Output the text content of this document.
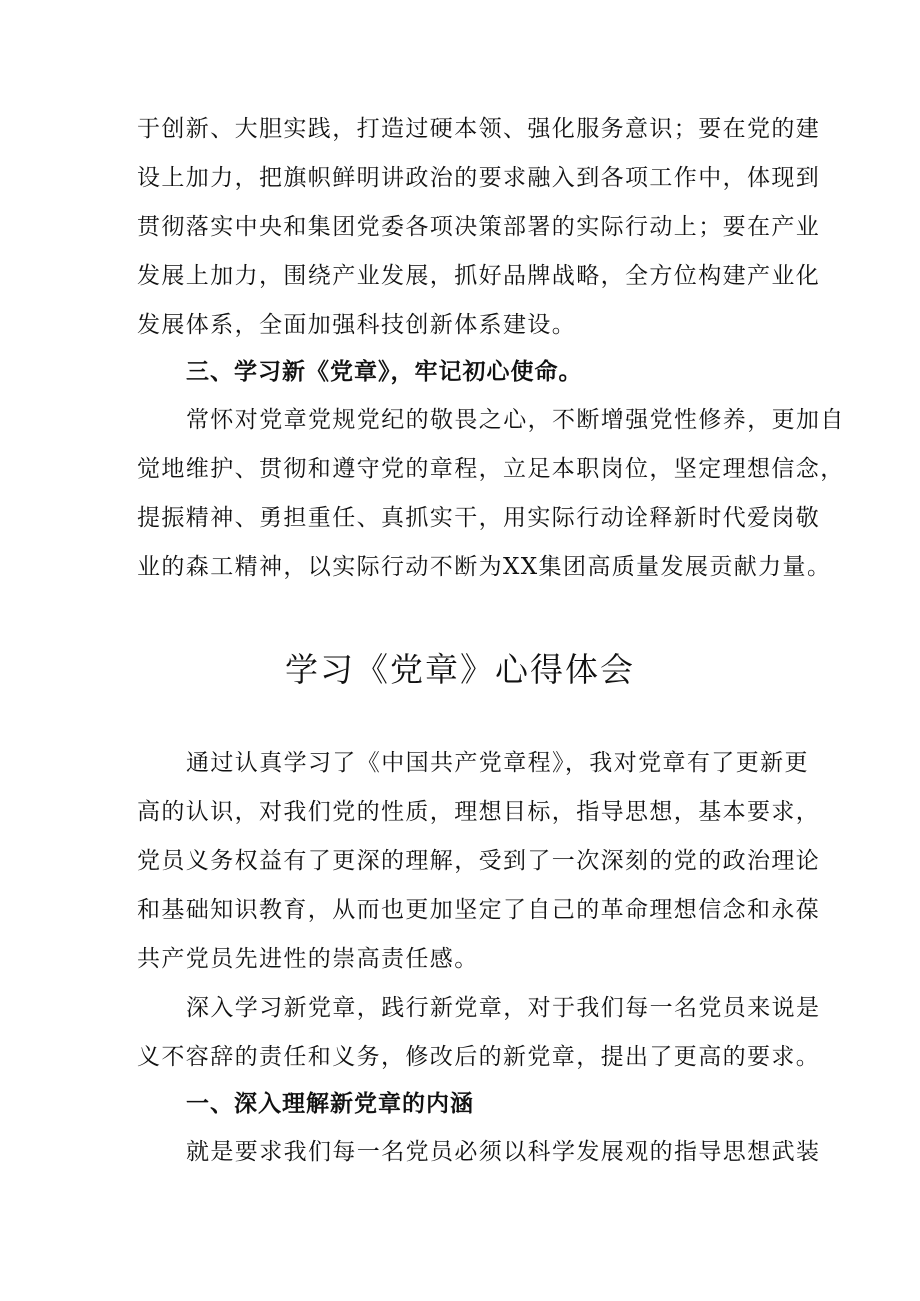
于创新、大胆实践，打造过硬本领、强化服务意识；要在党的建
设上加力，把旗帜鲜明讲政治的要求融入到各项工作中，体现到
贯彻落实中央和集团党委各项决策部署的实际行动上；要在产业
发展上加力，围绕产业发展，抓好品牌战略，全方位构建产业化
发展体系，全面加强科技创新体系建设。
三、学习新《党章》，牢记初心使命。
常怀对党章党规党纪的敬畏之心，不断增强党性修养，更加自
觉地维护、贯彻和遵守党的章程，立足本职岗位，坚定理想信念，
提振精神、勇担重任、真抓实干，用实际行动诠释新时代爱岗敬
业的森工精神，以实际行动不断为XX集团高质量发展贡献力量。
学习《党章》心得体会
通过认真学习了《中国共产党章程》，我对党章有了更新更
高的认识，对我们党的性质，理想目标，指导思想，基本要求，
党员义务权益有了更深的理解，受到了一次深刻的党的政治理论
和基础知识教育，从而也更加坚定了自己的革命理想信念和永葆
共产党员先进性的崇高责任感。
深入学习新党章，践行新党章，对于我们每一名党员来说是
义不容辞的责任和义务，修改后的新党章，提出了更高的要求。
一、深入理解新党章的内涵
就是要求我们每一名党员必须以科学发展观的指导思想武装
